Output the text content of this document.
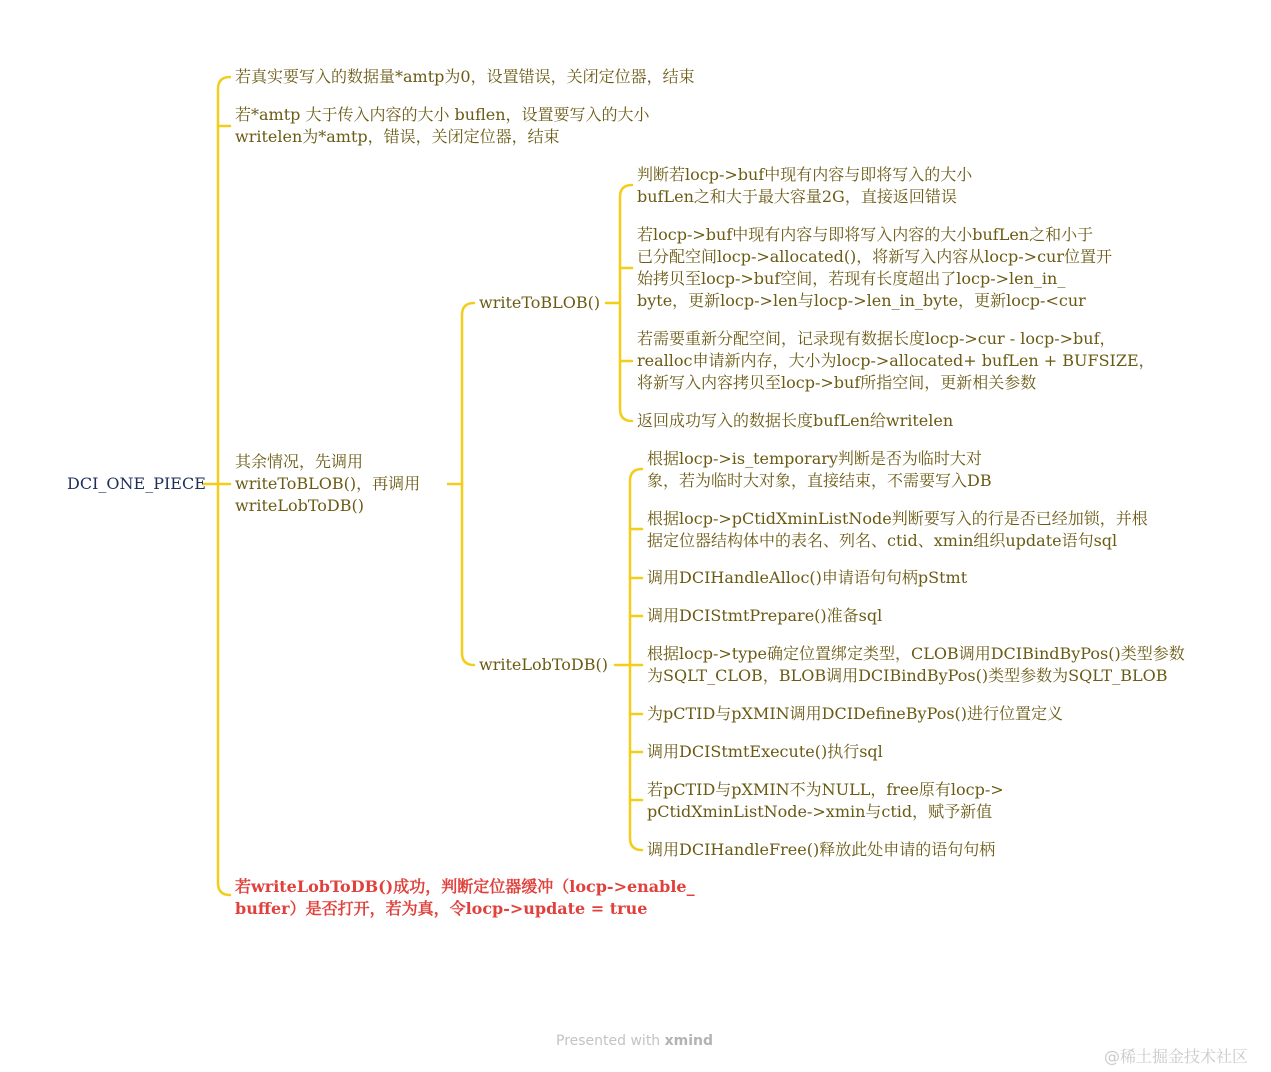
DCI_ONE_PIECE
若真实要写入的数据量*amtp为0，设置错误，关闭定位器，结束
若*amtp 大于传入内容的大小 buflen，设置要写入的大小
writelen为*amtp，错误，关闭定位器，结束
其余情况，先调用
writeToBLOB()，再调用
writeLobToDB()
若writeLobToDB()成功，判断定位器缓冲（locp->enable_
buffer）是否打开，若为真，令locp->update = true
writeToBLOB()
判断若locp->buf中现有内容与即将写入的大小
bufLen之和大于最大容量2G，直接返回错误
若locp->buf中现有内容与即将写入内容的大小bufLen之和小于
已分配空间locp->allocated()，将新写入内容从locp->cur位置开
始拷贝至locp->buf空间，若现有长度超出了locp->len_in_
byte，更新locp->len与locp->len_in_byte，更新locp-<cur
若需要重新分配空间，记录现有数据长度locp->cur - locp->buf，
realloc申请新内存，大小为locp->allocated+ bufLen + BUFSIZE，
将新写入内容拷贝至locp->buf所指空间，更新相关参数
返回成功写入的数据长度bufLen给writelen
writeLobToDB()
根据locp->is_temporary判断是否为临时大对
象，若为临时大对象，直接结束，不需要写入DB
根据locp->pCtidXminListNode判断要写入的行是否已经加锁，并根
据定位器结构体中的表名、列名、ctid、xmin组织update语句sql
调用DCIHandleAlloc()申请语句句柄pStmt
调用DCIStmtPrepare()准备sql
根据locp->type确定位置绑定类型，CLOB调用DCIBindByPos()类型参数
为SQLT_CLOB，BLOB调用DCIBindByPos()类型参数为SQLT_BLOB
为pCTID与pXMIN调用DCIDefineByPos()进行位置定义
调用DCIStmtExecute()执行sql
若pCTID与pXMIN不为NULL，free原有locp->
pCtidXminListNode->xmin与ctid，赋予新值
调用DCIHandleFree()释放此处申请的语句句柄
Presented with xmind
@稀土掘金技术社区
